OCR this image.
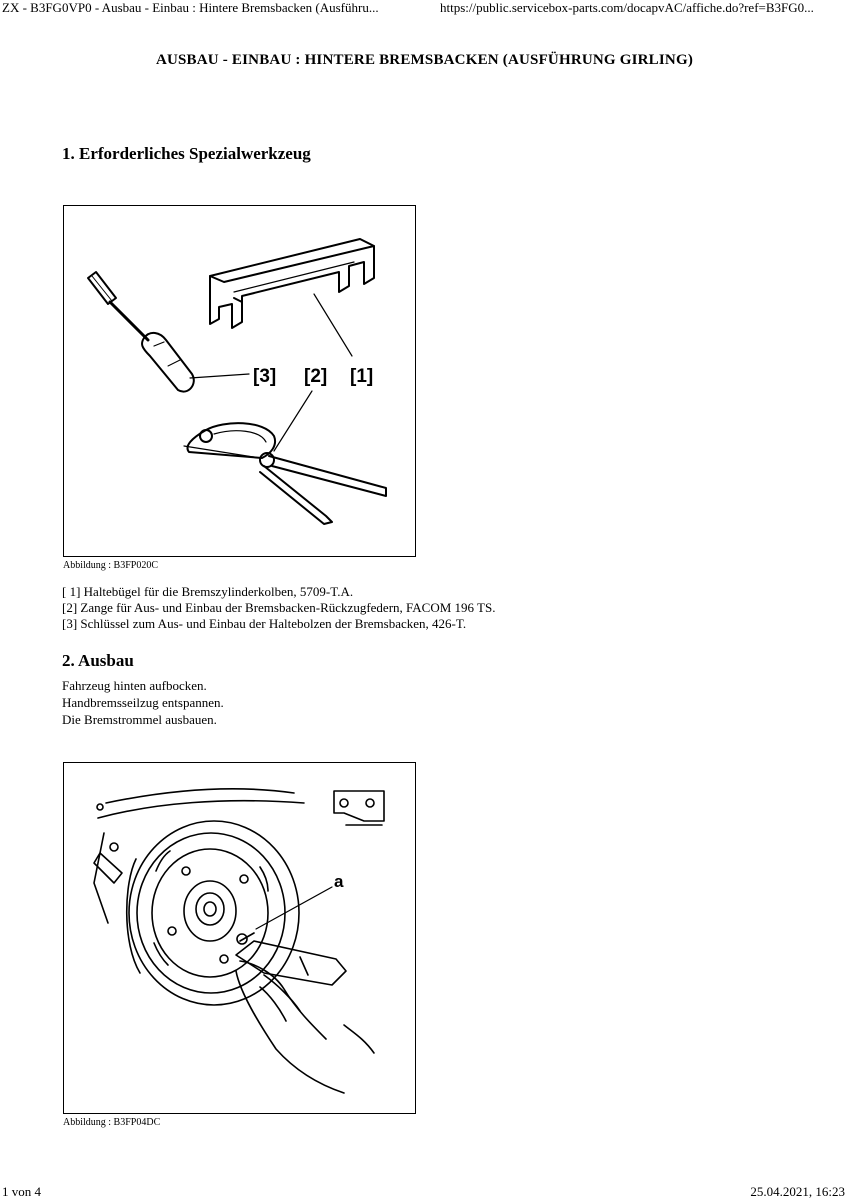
ZX - B3FG0VP0 - Ausbau - Einbau : Hintere Bremsbacken (Ausführu...	https://public.servicebox-parts.com/docapvAC/affiche.do?ref=B3FG0...
AUSBAU - EINBAU : HINTERE BREMSBACKEN (AUSFÜHRUNG GIRLING)
1. Erforderliches Spezialwerkzeug
[3] [2] [1]
Abbildung : B3FP020C
[ 1] Haltebügel für die Bremszylinderkolben, 5709-T.A.
[2] Zange für Aus- und Einbau der Bremsbacken-Rückzugfedern, FACOM 196 TS.
[3] Schlüssel zum Aus- und Einbau der Haltebolzen der Bremsbacken, 426-T.
2. Ausbau
Fahrzeug hinten aufbocken.
Handbremsseilzug entspannen.
Die Bremstrommel ausbauen.
a
Abbildung : B3FP04DC
1 von 4	25.04.2021, 16:23
